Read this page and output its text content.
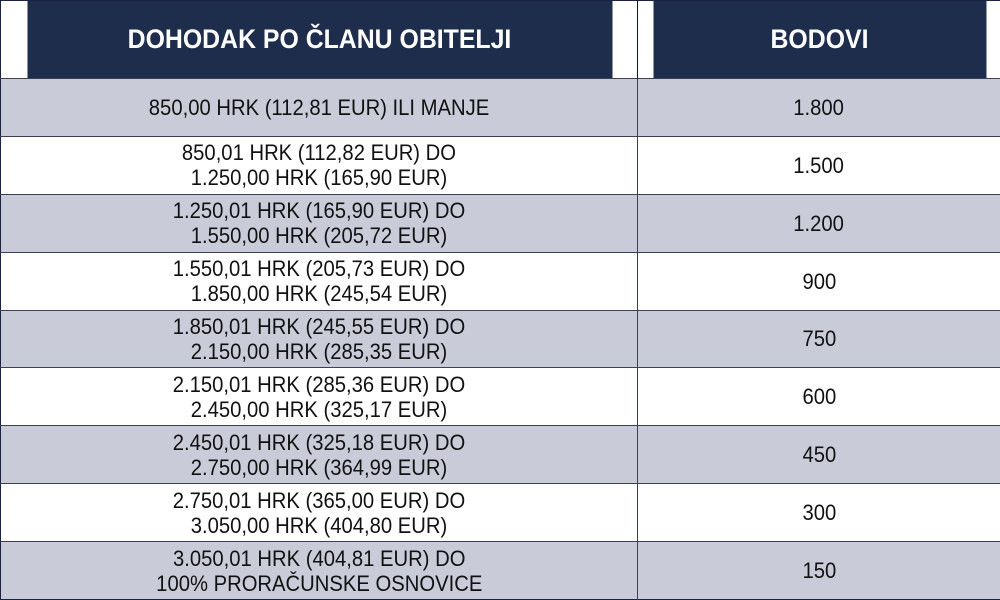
DOHODAK PO ČLANU OBITELJI	BODOVI

850,00 HRK (112,81 EUR) ILI MANJE	1.800

850,01 HRK (112,82 EUR) DO
1.250,00 HRK (165,90 EUR)	1.500

1.250,01 HRK (165,90 EUR) DO
1.550,00 HRK (205,72 EUR)	1.200

1.550,01 HRK (205,73 EUR) DO
1.850,00 HRK (245,54 EUR)	900

1.850,01 HRK (245,55 EUR) DO
2.150,00 HRK (285,35 EUR)	750

2.150,01 HRK (285,36 EUR) DO
2.450,00 HRK (325,17 EUR)	600

2.450,01 HRK (325,18 EUR) DO
2.750,00 HRK (364,99 EUR)	450

2.750,01 HRK (365,00 EUR) DO
3.050,00 HRK (404,80 EUR)	300

3.050,01 HRK (404,81 EUR) DO
100% PRORAČUNSKE OSNOVICE	150
